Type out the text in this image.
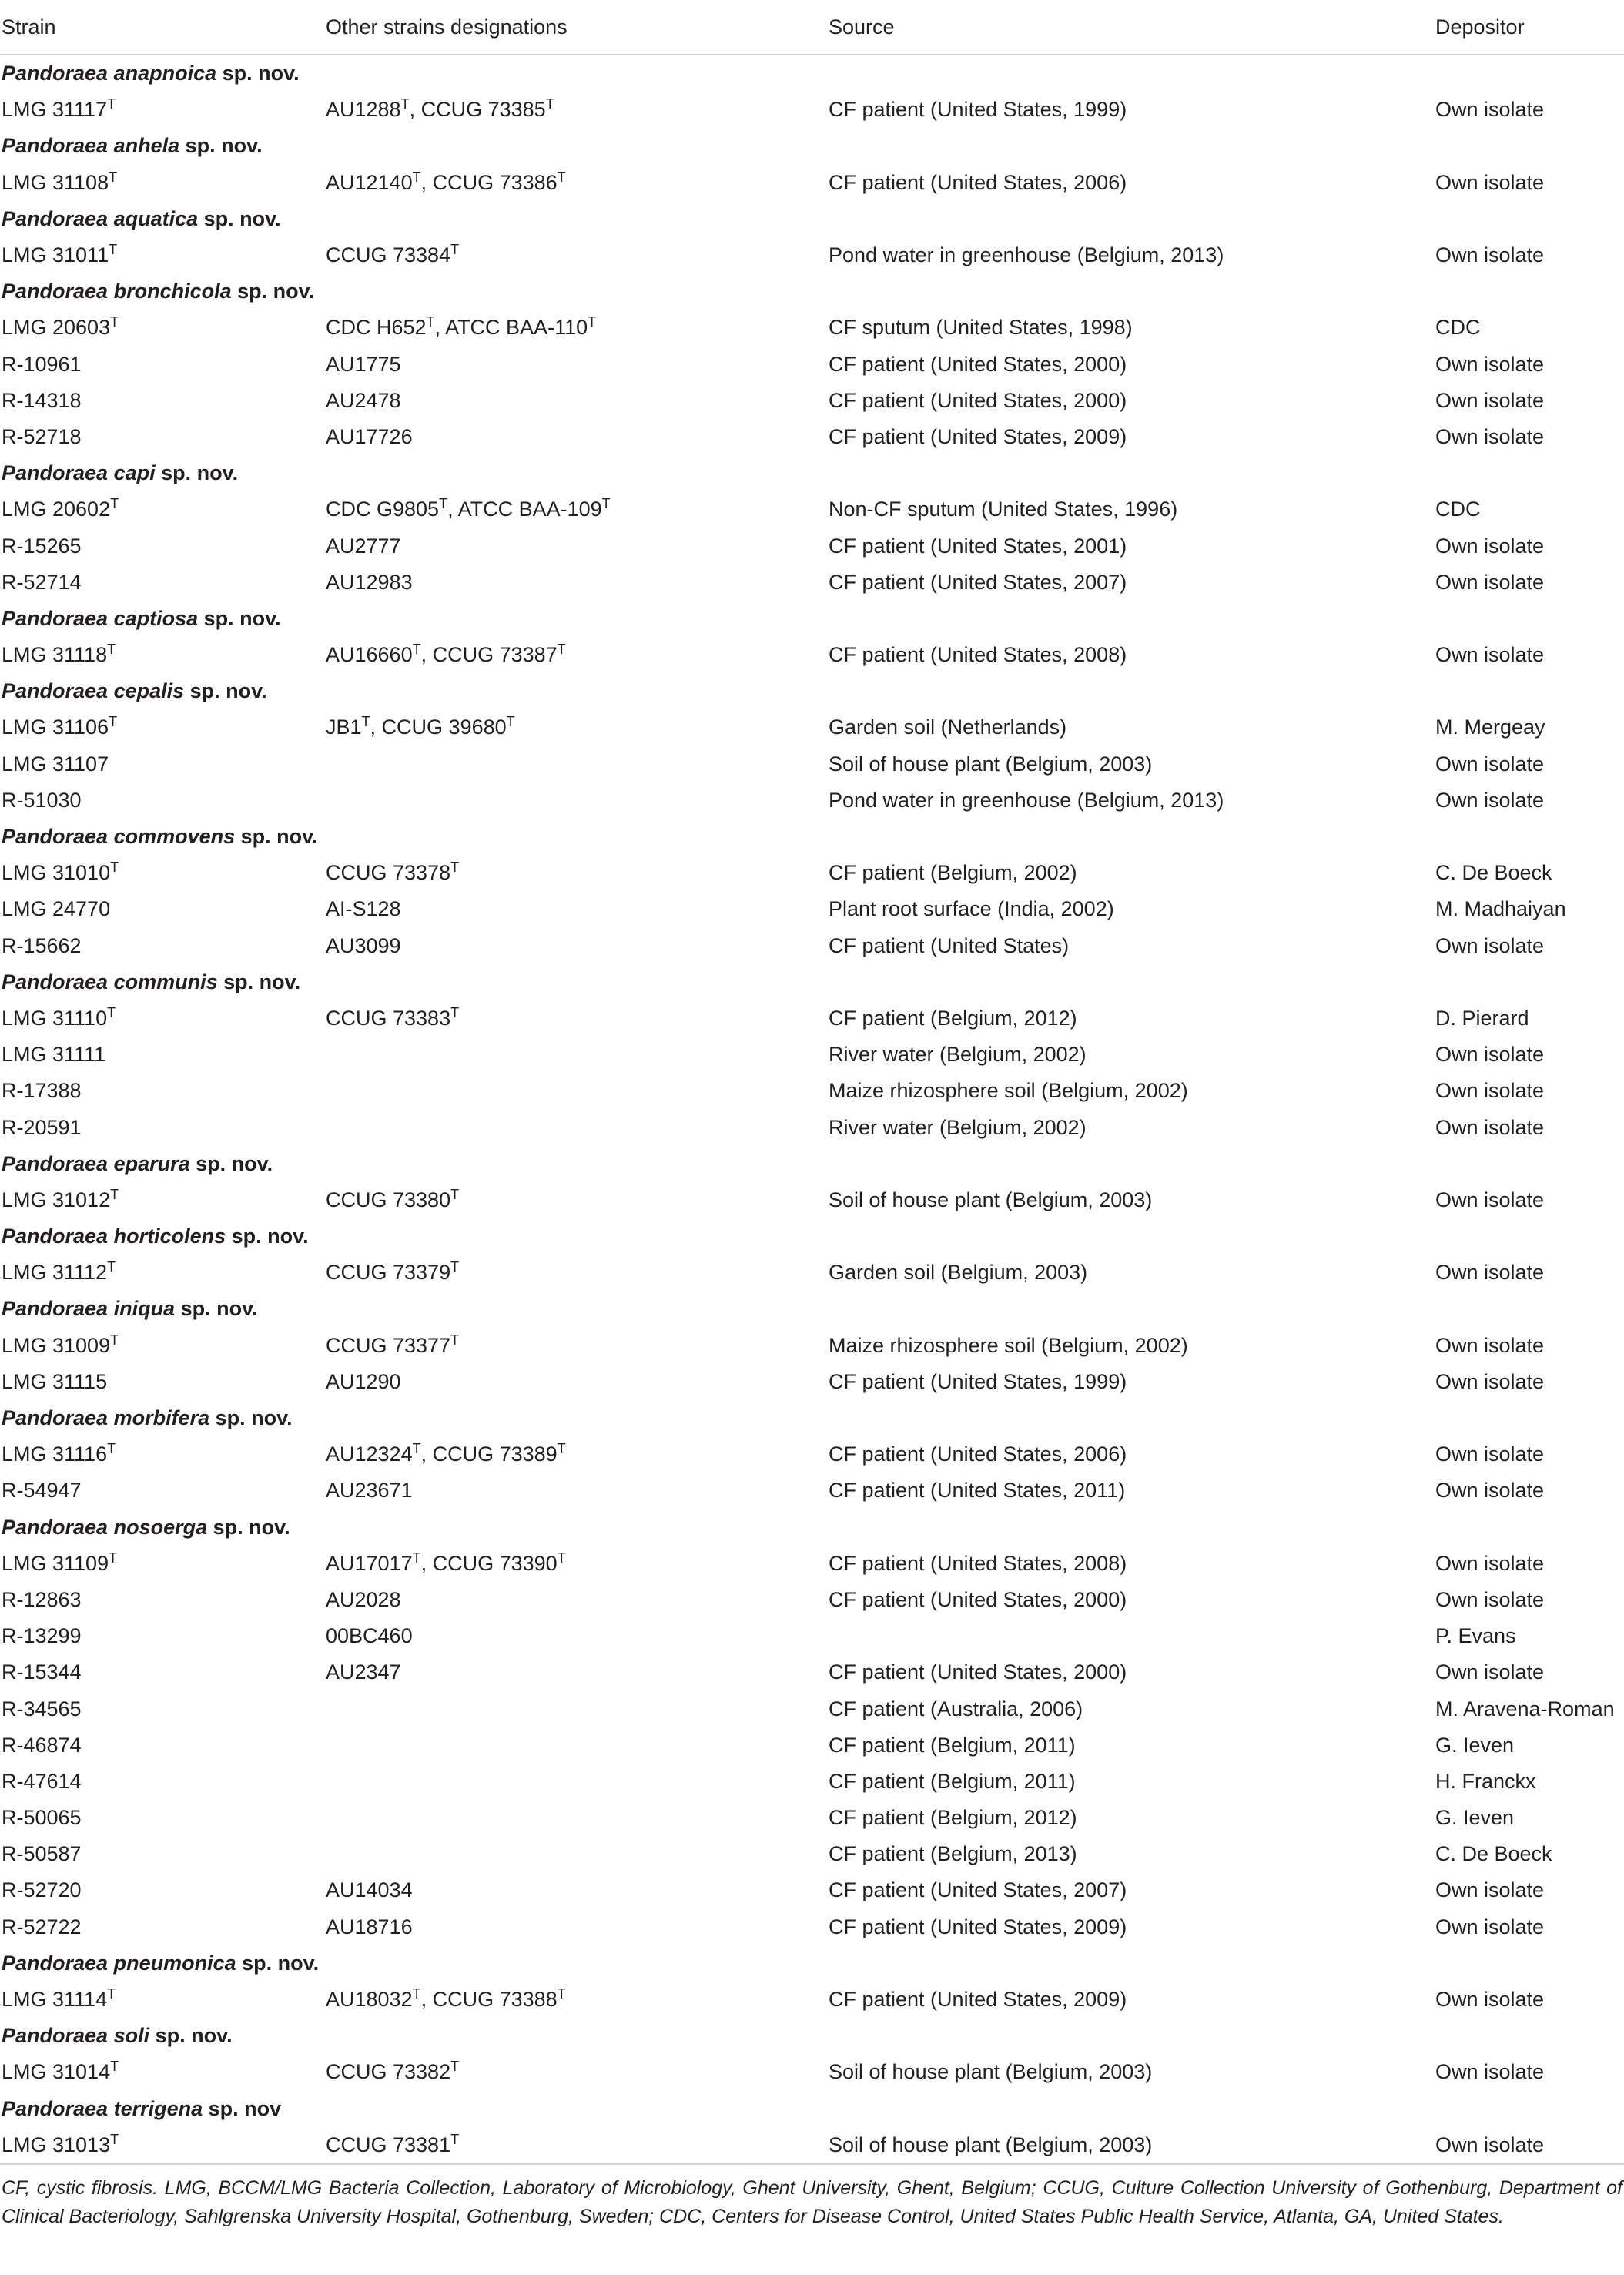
Strain	Other strains designations	Source	Depositor
Pandoraea anapnoica sp. nov.			
LMG $31117^T$	$AU1288^T$, CCUG $73385^T$	CF patient (United States, 1999)	Own isolate
Pandoraea anhela sp. nov.			
LMG $31108^T$	$AU12140^T$, CCUG $73386^T$	CF patient (United States, 2006)	Own isolate
Pandoraea aquatica sp. nov.			
LMG $31011^T$	CCUG $73384^T$	Pond water in greenhouse (Belgium, 2013)	Own isolate
Pandoraea bronchicola sp. nov.			
LMG $20603^T$	CDC $H652^T$, ATCC BAA-$110^T$	CF sputum (United States, 1998)	CDC
R-10961	AU1775	CF patient (United States, 2000)	Own isolate
R-14318	AU2478	CF patient (United States, 2000)	Own isolate
R-52718	AU17726	CF patient (United States, 2009)	Own isolate
Pandoraea capi sp. nov.			
LMG $20602^T$	CDC $G9805^T$, ATCC BAA-$109^T$	Non-CF sputum (United States, 1996)	CDC
R-15265	AU2777	CF patient (United States, 2001)	Own isolate
R-52714	AU12983	CF patient (United States, 2007)	Own isolate
Pandoraea captiosa sp. nov.			
LMG $31118^T$	$AU16660^T$, CCUG $73387^T$	CF patient (United States, 2008)	Own isolate
Pandoraea cepalis sp. nov.			
LMG $31106^T$	$JB1^T$, CCUG $39680^T$	Garden soil (Netherlands)	M. Mergeay
LMG 31107		Soil of house plant (Belgium, 2003)	Own isolate
R-51030		Pond water in greenhouse (Belgium, 2013)	Own isolate
Pandoraea commovens sp. nov.			
LMG $31010^T$	CCUG $73378^T$	CF patient (Belgium, 2002)	C. De Boeck
LMG 24770	AI-S128	Plant root surface (India, 2002)	M. Madhaiyan
R-15662	AU3099	CF patient (United States)	Own isolate
Pandoraea communis sp. nov.			
LMG $31110^T$	CCUG $73383^T$	CF patient (Belgium, 2012)	D. Pierard
LMG 31111		River water (Belgium, 2002)	Own isolate
R-17388		Maize rhizosphere soil (Belgium, 2002)	Own isolate
R-20591		River water (Belgium, 2002)	Own isolate
Pandoraea eparura sp. nov.			
LMG $31012^T$	CCUG $73380^T$	Soil of house plant (Belgium, 2003)	Own isolate
Pandoraea horticolens sp. nov.			
LMG $31112^T$	CCUG $73379^T$	Garden soil (Belgium, 2003)	Own isolate
Pandoraea iniqua sp. nov.			
LMG $31009^T$	CCUG $73377^T$	Maize rhizosphere soil (Belgium, 2002)	Own isolate
LMG 31115	AU1290	CF patient (United States, 1999)	Own isolate
Pandoraea morbifera sp. nov.			
LMG $31116^T$	$AU12324^T$, CCUG $73389^T$	CF patient (United States, 2006)	Own isolate
R-54947	AU23671	CF patient (United States, 2011)	Own isolate
Pandoraea nosoerga sp. nov.			
LMG $31109^T$	$AU17017^T$, CCUG $73390^T$	CF patient (United States, 2008)	Own isolate
R-12863	AU2028	CF patient (United States, 2000)	Own isolate
R-13299	00BC460		P. Evans
R-15344	AU2347	CF patient (United States, 2000)	Own isolate
R-34565		CF patient (Australia, 2006)	M. Aravena-Roman
R-46874		CF patient (Belgium, 2011)	G. Ieven
R-47614		CF patient (Belgium, 2011)	H. Franckx
R-50065		CF patient (Belgium, 2012)	G. Ieven
R-50587		CF patient (Belgium, 2013)	C. De Boeck
R-52720	AU14034	CF patient (United States, 2007)	Own isolate
R-52722	AU18716	CF patient (United States, 2009)	Own isolate
Pandoraea pneumonica sp. nov.			
LMG $31114^T$	$AU18032^T$, CCUG $73388^T$	CF patient (United States, 2009)	Own isolate
Pandoraea soli sp. nov.			
LMG $31014^T$	CCUG $73382^T$	Soil of house plant (Belgium, 2003)	Own isolate
Pandoraea terrigena sp. nov			
LMG $31013^T$	CCUG $73381^T$	Soil of house plant (Belgium, 2003)	Own isolate
CF, cystic fibrosis. LMG, BCCM/LMG Bacteria Collection, Laboratory of Microbiology, Ghent University, Ghent, Belgium; CCUG, Culture Collection University of Gothenburg, Department of Clinical Bacteriology, Sahlgrenska University Hospital, Gothenburg, Sweden; CDC, Centers for Disease Control, United States Public Health Service, Atlanta, GA, United States.
